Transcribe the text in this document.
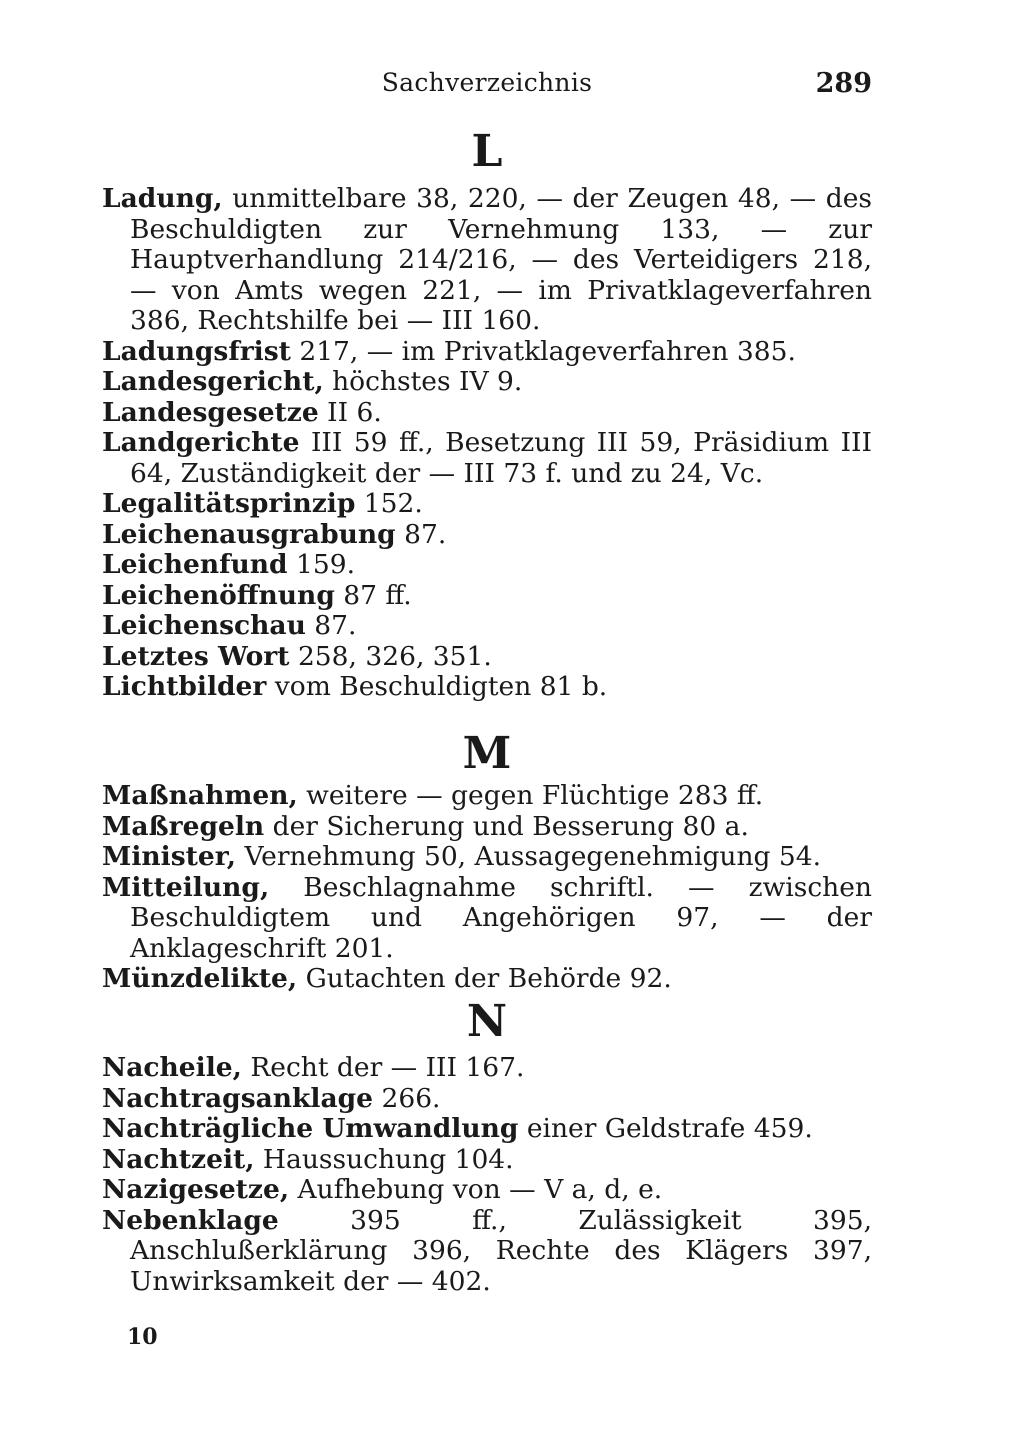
Sachverzeichnis	289
L
Ladung, unmittelbare 38, 220, — der Zeugen 48, — des Beschuldigten zur Vernehmung 133, — zur Hauptverhandlung 214/216, — des Verteidigers 218, — von Amts wegen 221, — im Privatklageverfahren 386, Rechtshilfe bei — III 160.
Ladungsfrist 217, — im Privatklageverfahren 385.
Landesgericht, höchstes IV 9.
Landesgesetze II 6.
Landgerichte III 59 ff., Besetzung III 59, Präsidium III 64, Zuständigkeit der — III 73 f. und zu 24, Vc.
Legalitätsprinzip 152.
Leichenausgrabung 87.
Leichenfund 159.
Leichenöffnung 87 ff.
Leichenschau 87.
Letztes Wort 258, 326, 351.
Lichtbilder vom Beschuldigten 81 b.
M
Maßnahmen, weitere — gegen Flüchtige 283 ff.
Maßregeln der Sicherung und Besserung 80 a.
Minister, Vernehmung 50, Aussagegenehmigung 54.
Mitteilung, Beschlagnahme schriftl. — zwischen Beschuldigtem und Angehörigen 97, — der Anklageschrift 201.
Münzdelikte, Gutachten der Behörde 92.
N
Nacheile, Recht der — III 167.
Nachtragsanklage 266.
Nachträgliche Umwandlung einer Geldstrafe 459.
Nachtzeit, Haussuchung 104.
Nazigesetze, Aufhebung von — V a, d, e.
Nebenklage 395 ff., Zulässigkeit 395, Anschlußerklärung 396, Rechte des Klägers 397, Unwirksamkeit der — 402.
10
